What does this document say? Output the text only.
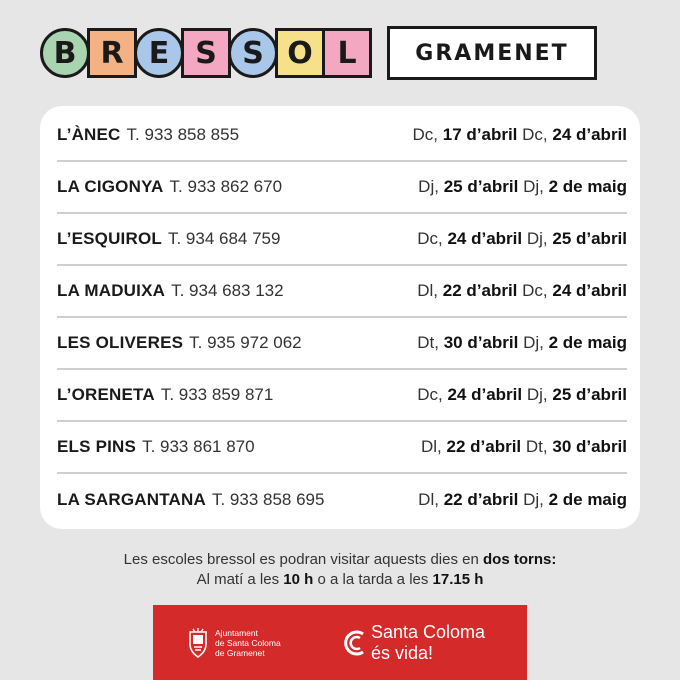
B R E S S O L	GRAMENET
L’ÀNEC T. 933 858 855	Dc, 17 d’abril Dc, 24 d’abril
LA CIGONYA T. 933 862 670	Dj, 25 d’abril Dj, 2 de maig
L’ESQUIROL T. 934 684 759	Dc, 24 d’abril Dj, 25 d’abril
LA MADUIXA T. 934 683 132	Dl, 22 d’abril Dc, 24 d’abril
LES OLIVERES T. 935 972 062	Dt, 30 d’abril Dj, 2 de maig
L’ORENETA T. 933 859 871	Dc, 24 d’abril Dj, 25 d’abril
ELS PINS T. 933 861 870	Dl, 22 d’abril Dt, 30 d’abril
LA SARGANTANA T. 933 858 695	Dl, 22 d’abril Dj, 2 de maig
Les escoles bressol es podran visitar aquests dies en dos torns:
Al matí a les 10 h o a la tarda a les 17.15 h
Ajuntament
de Santa Coloma
de Gramenet
Santa Coloma
és vida!
